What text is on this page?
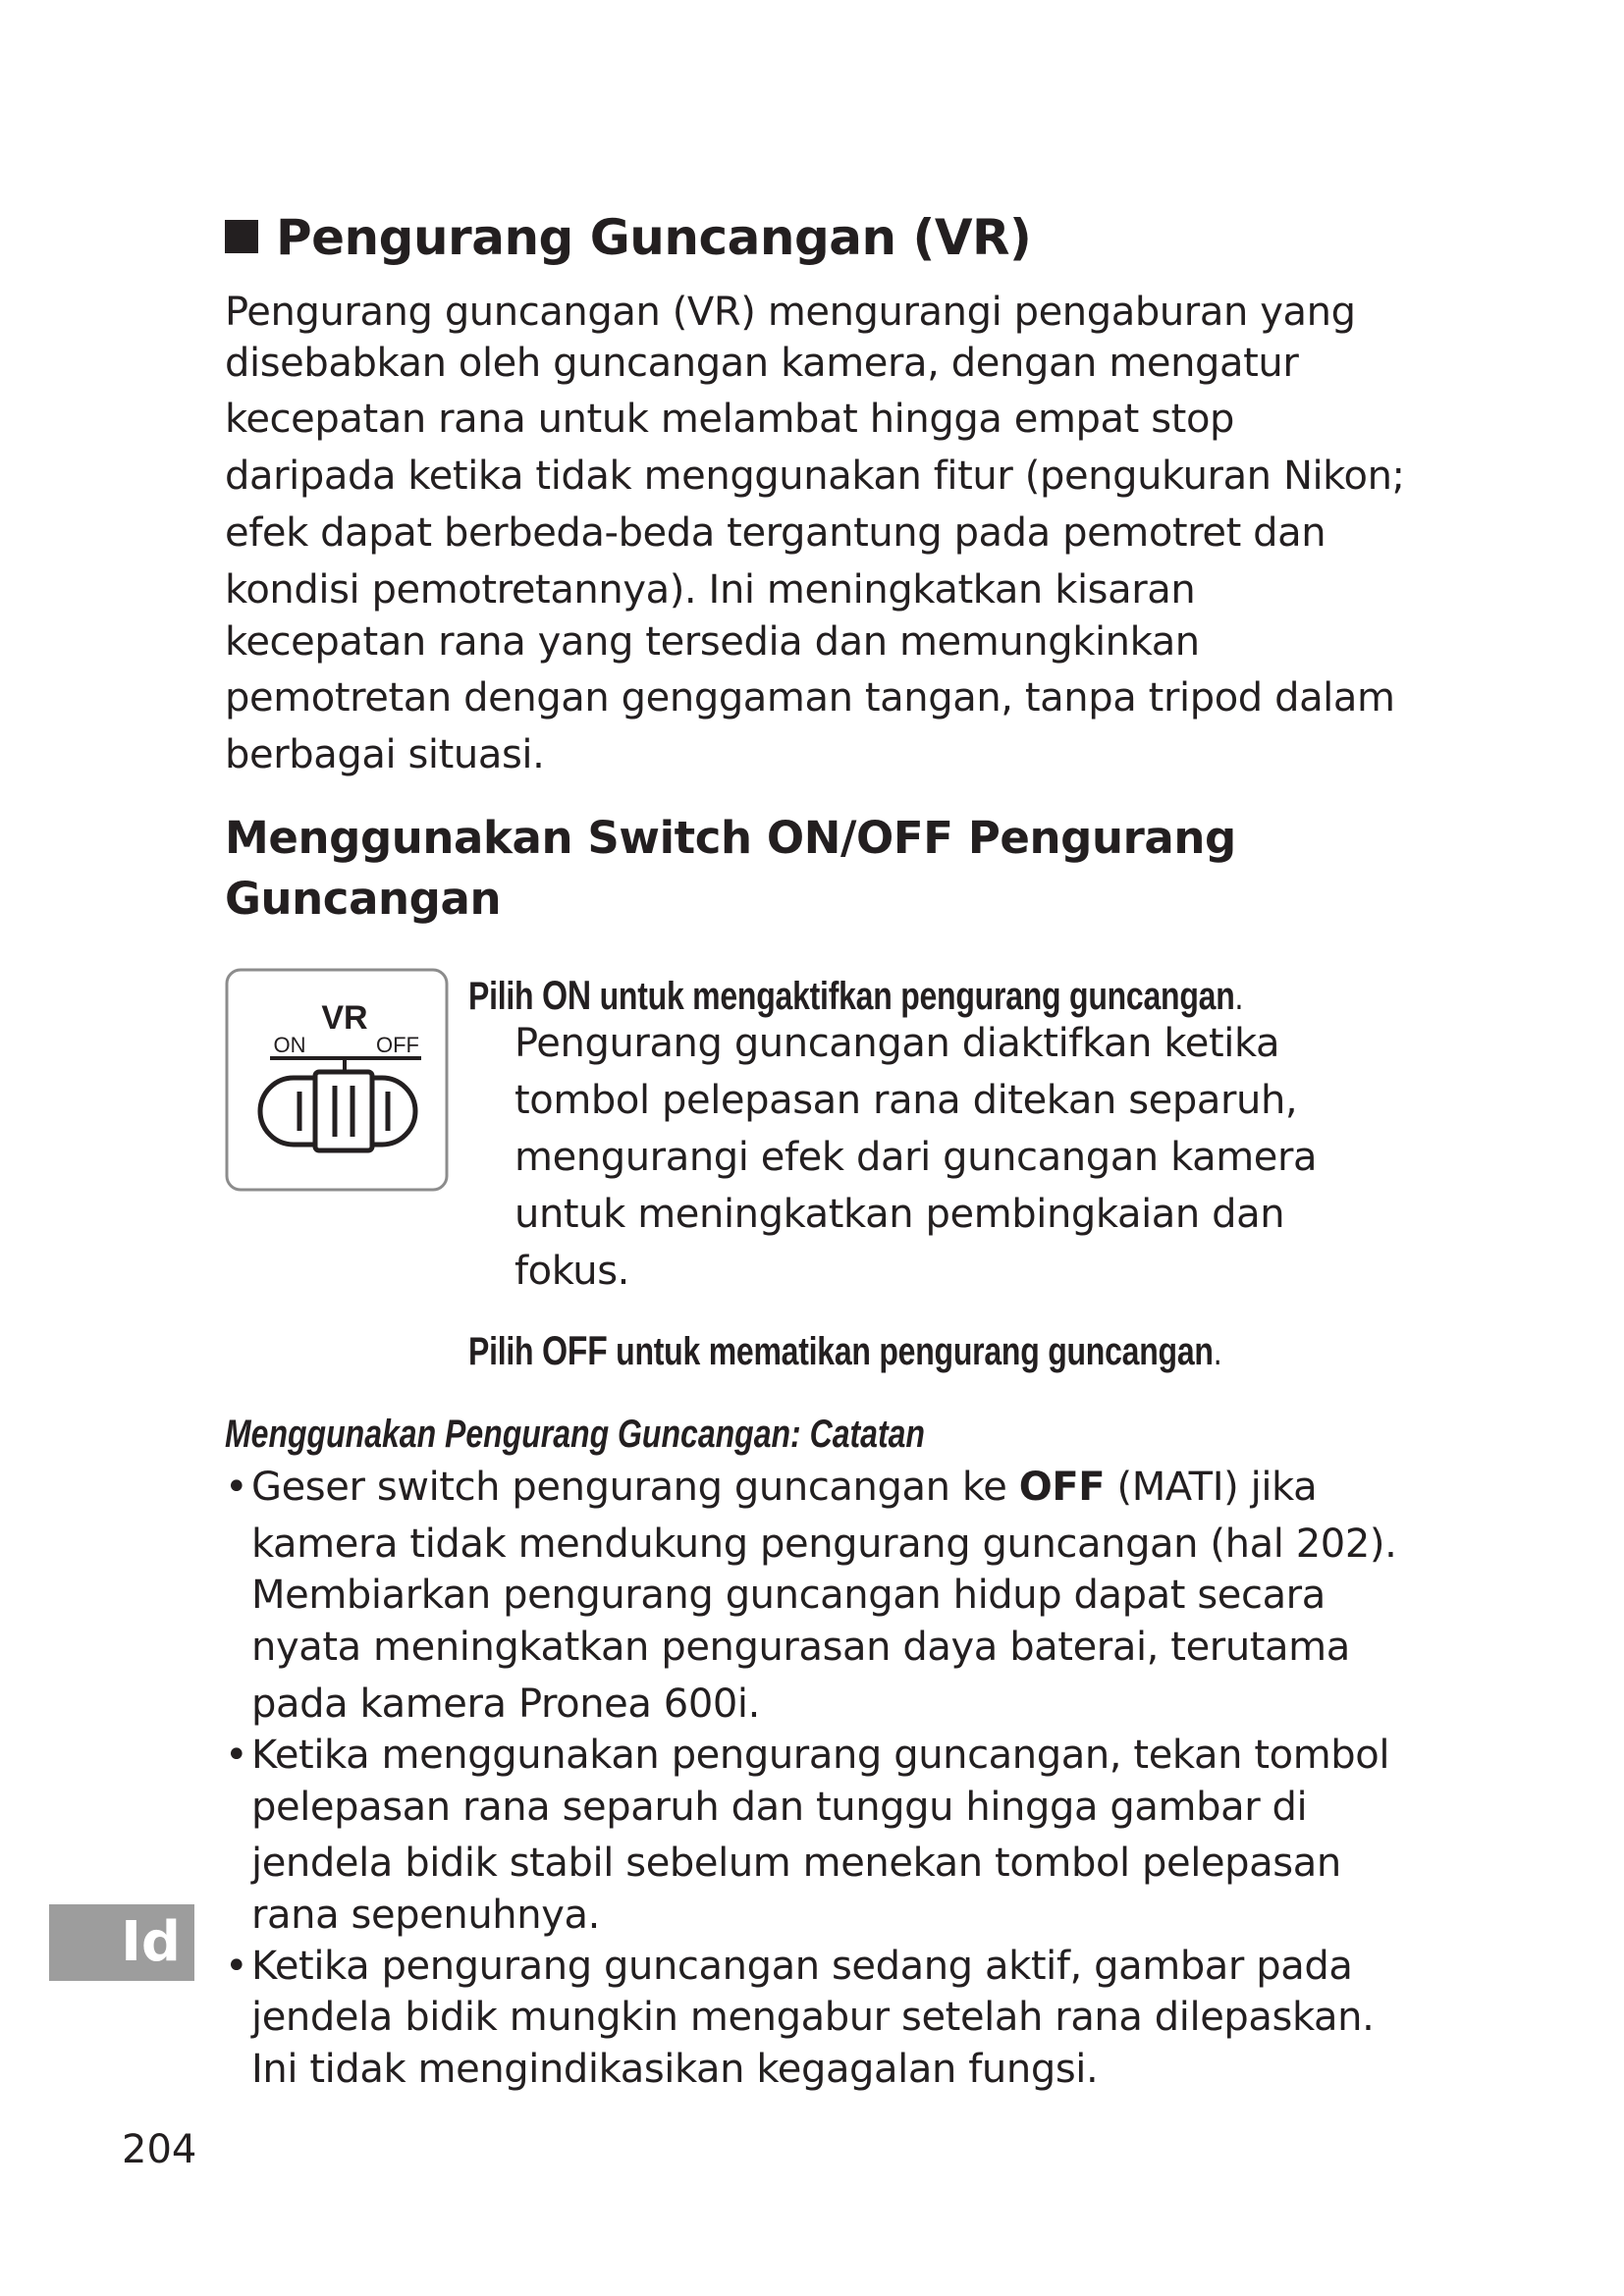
Pengurang Guncangan (VR)
Pengurang guncangan (VR) mengurangi pengaburan yang
disebabkan oleh guncangan kamera, dengan mengatur
kecepatan rana untuk melambat hingga empat stop
daripada ketika tidak menggunakan fitur (pengukuran Nikon;
efek dapat berbeda-beda tergantung pada pemotret dan
kondisi pemotretannya). Ini meningkatkan kisaran
kecepatan rana yang tersedia dan memungkinkan
pemotretan dengan genggaman tangan, tanpa tripod dalam
berbagai situasi.
Menggunakan Switch ON/OFF Pengurang
Guncangan
VR
ON	OFF
Pilih ON untuk mengaktifkan pengurang guncangan.
Pengurang guncangan diaktifkan ketika
tombol pelepasan rana ditekan separuh,
mengurangi efek dari guncangan kamera
untuk meningkatkan pembingkaian dan
fokus.
Pilih OFF untuk mematikan pengurang guncangan.
Menggunakan Pengurang Guncangan: Catatan
• Geser switch pengurang guncangan ke OFF (MATI) jika
kamera tidak mendukung pengurang guncangan (hal 202).
Membiarkan pengurang guncangan hidup dapat secara
nyata meningkatkan pengurasan daya baterai, terutama
pada kamera Pronea 600i.
• Ketika menggunakan pengurang guncangan, tekan tombol
pelepasan rana separuh dan tunggu hingga gambar di
jendela bidik stabil sebelum menekan tombol pelepasan
rana sepenuhnya.
• Ketika pengurang guncangan sedang aktif, gambar pada
jendela bidik mungkin mengabur setelah rana dilepaskan.
Ini tidak mengindikasikan kegagalan fungsi.
Id
204
